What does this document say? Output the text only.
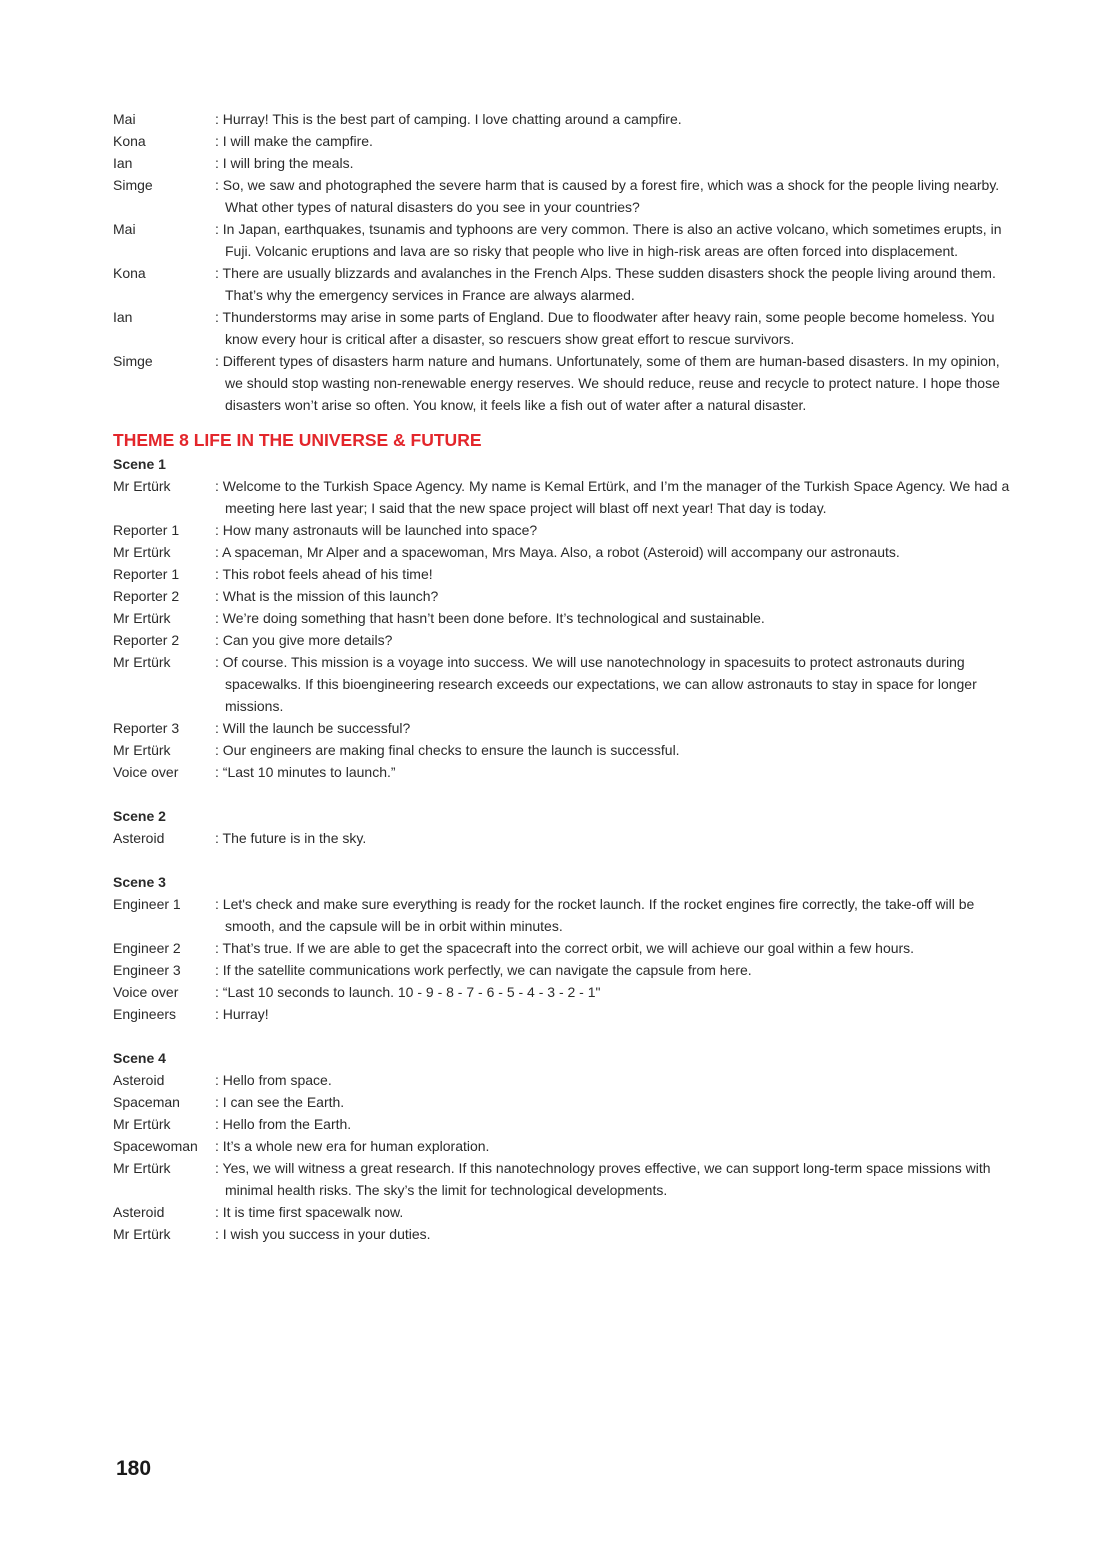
Mai	: Hurray! This is the best part of camping. I love chatting around a campfire.
Kona	: I will make the campfire.
Ian	: I will bring the meals.
Simge	: So, we saw and photographed the severe harm that is caused by a forest fire, which was a shock for the people living nearby. What other types of natural disasters do you see in your countries?
Mai	: In Japan, earthquakes, tsunamis and typhoons are very common. There is also an active volcano, which sometimes erupts, in Fuji. Volcanic eruptions and lava are so risky that people who live in high-risk areas are often forced into displacement.
Kona	: There are usually blizzards and avalanches in the French Alps. These sudden disasters shock the people living around them. That’s why the emergency services in France are always alarmed.
Ian	: Thunderstorms may arise in some parts of England. Due to floodwater after heavy rain, some people become homeless. You know every hour is critical after a disaster, so rescuers show great effort to rescue survivors.
Simge	: Different types of disasters harm nature and humans. Unfortunately, some of them are human-based disasters. In my opinion, we should stop wasting non-renewable energy reserves. We should reduce, reuse and recycle to protect nature. I hope those disasters won’t arise so often. You know, it feels like a fish out of water after a natural disaster.
THEME 8 LIFE IN THE UNIVERSE & FUTURE
Scene 1
Mr Ertürk	: Welcome to the Turkish Space Agency. My name is Kemal Ertürk, and I’m the manager of the Turkish Space Agency. We had a meeting here last year; I said that the new space project will blast off next year! That day is today.
Reporter 1	: How many astronauts will be launched into space?
Mr Ertürk	: A spaceman, Mr Alper and a spacewoman, Mrs Maya. Also, a robot (Asteroid) will accompany our astronauts.
Reporter 1	: This robot feels ahead of his time!
Reporter 2	: What is the mission of this launch?
Mr Ertürk	: We’re doing something that hasn’t been done before. It’s technological and sustainable.
Reporter 2	: Can you give more details?
Mr Ertürk	: Of course. This mission is a voyage into success. We will use nanotechnology in spacesuits to protect astronauts during spacewalks. If this bioengineering research exceeds our expectations, we can allow astronauts to stay in space for longer missions.
Reporter 3	: Will the launch be successful?
Mr Ertürk	: Our engineers are making final checks to ensure the launch is successful.
Voice over	: “Last 10 minutes to launch.”
Scene 2
Asteroid	: The future is in the sky.
Scene 3
Engineer 1	: Let's check and make sure everything is ready for the rocket launch. If the rocket engines fire correctly, the take-off will be smooth, and the capsule will be in orbit within minutes.
Engineer 2	: That’s true. If we are able to get the spacecraft into the correct orbit, we will achieve our goal within a few hours.
Engineer 3	: If the satellite communications work perfectly, we can navigate the capsule from here.
Voice over	: “Last 10 seconds to launch. 10 - 9 - 8 - 7 - 6 - 5 - 4 - 3 - 2 - 1"
Engineers	: Hurray!
Scene 4
Asteroid	: Hello from space.
Spaceman	: I can see the Earth.
Mr Ertürk	: Hello from the Earth.
Spacewoman	: It’s a whole new era for human exploration.
Mr Ertürk	: Yes, we will witness a great research. If this nanotechnology proves effective, we can support long-term space missions with minimal health risks. The sky’s the limit for technological developments.
Asteroid	: It is time first spacewalk now.
Mr Ertürk	: I wish you success in your duties.
180
